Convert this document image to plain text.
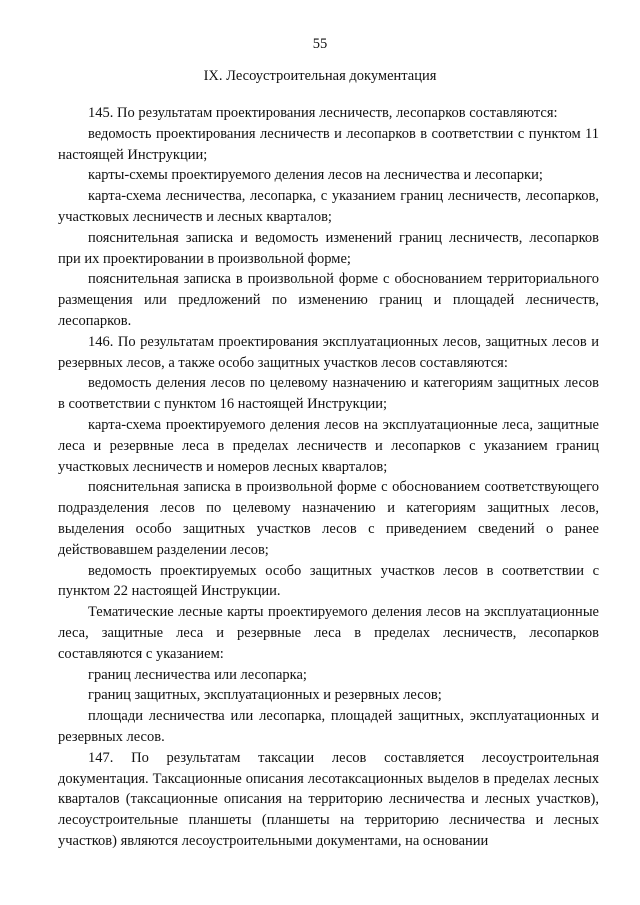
55
IX. Лесоустроительная документация

145. По результатам проектирования лесничеств, лесопарков составляются:

ведомость проектирования лесничеств и лесопарков в соответствии с пунктом 11 настоящей Инструкции;

карты-схемы проектируемого деления лесов на лесничества и лесопарки;

карта-схема лесничества, лесопарка, с указанием границ лесничеств, лесопарков, участковых лесничеств и лесных кварталов;

пояснительная записка и ведомость изменений границ лесничеств, лесопарков при их проектировании в произвольной форме;

пояснительная записка в произвольной форме с обоснованием территориального размещения или предложений по изменению границ и площадей лесничеств, лесопарков.

146. По результатам проектирования эксплуатационных лесов, защитных лесов и резервных лесов, а также особо защитных участков лесов составляются:

ведомость деления лесов по целевому назначению и категориям защитных лесов в соответствии с пунктом 16 настоящей Инструкции;

карта-схема проектируемого деления лесов на эксплуатационные леса, защитные леса и резервные леса в пределах лесничеств и лесопарков с указанием границ участковых лесничеств и номеров лесных кварталов;

пояснительная записка в произвольной форме с обоснованием соответствующего подразделения лесов по целевому назначению и категориям защитных лесов, выделения особо защитных участков лесов с приведением сведений о ранее действовавшем разделении лесов;

ведомость проектируемых особо защитных участков лесов в соответствии с пунктом 22 настоящей Инструкции.

Тематические лесные карты проектируемого деления лесов на эксплуатационные леса, защитные леса и резервные леса в пределах лесничеств, лесопарков составляются с указанием:

границ лесничества или лесопарка;

границ защитных, эксплуатационных и резервных лесов;

площади лесничества или лесопарка, площадей защитных, эксплуатационных и резервных лесов.

147. По результатам таксации лесов составляется лесоустроительная документация. Таксационные описания лесотаксационных выделов в пределах лесных кварталов (таксационные описания на территорию лесничества и лесных участков), лесоустроительные планшеты (планшеты на территорию лесничества и лесных участков) являются лесоустроительными документами, на основании
